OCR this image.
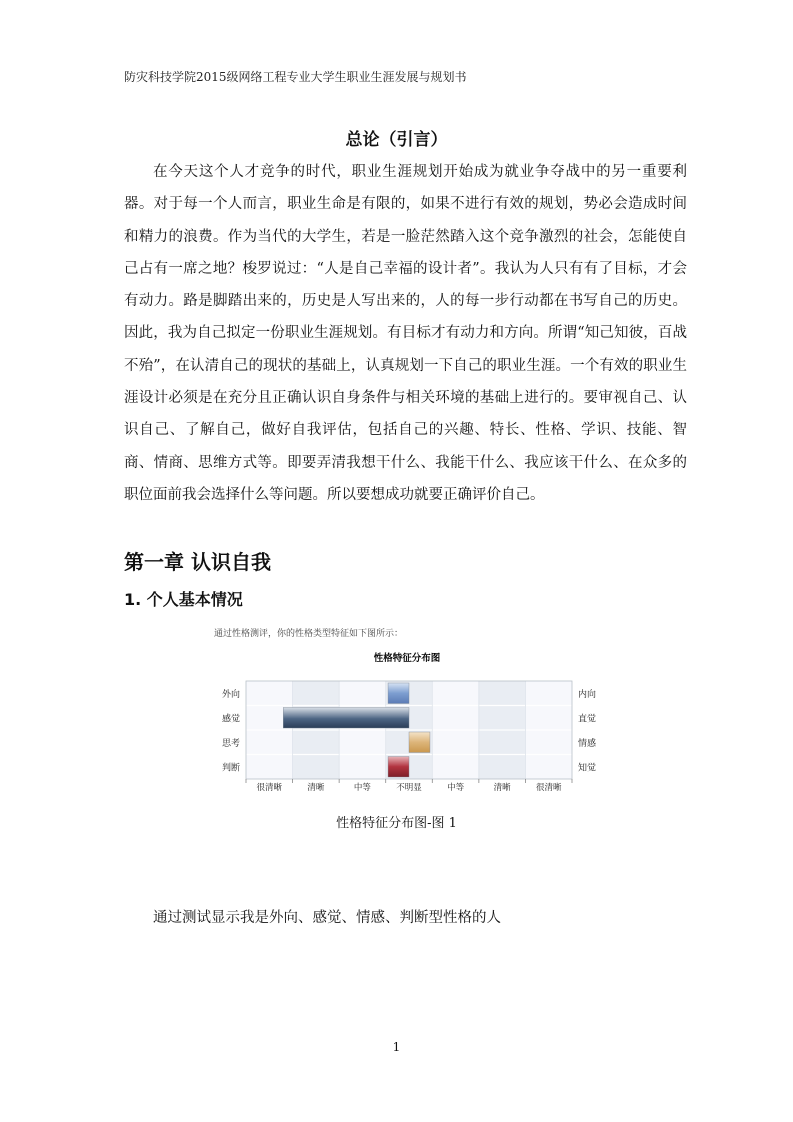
防灾科技学院2015级网络工程专业大学生职业生涯发展与规划书
总论（引言）

在今天这个人才竞争的时代，职业生涯规划开始成为就业争夺战中的另一重要利器。对于每一个人而言，职业生命是有限的，如果不进行有效的规划，势必会造成时间和精力的浪费。作为当代的大学生，若是一脸茫然踏入这个竞争激烈的社会，怎能使自己占有一席之地？梭罗说过：“人是自己幸福的设计者”。我认为人只有有了目标，才会有动力。路是脚踏出来的，历史是人写出来的，人的每一步行动都在书写自己的历史。因此，我为自己拟定一份职业生涯规划。有目标才有动力和方向。所谓“知己知彼，百战不殆”，在认清自己的现状的基础上，认真规划一下自己的职业生涯。一个有效的职业生涯设计必须是在充分且正确认识自身条件与相关环境的基础上进行的。要审视自己、认识自己、了解自己，做好自我评估，包括自己的兴趣、特长、性格、学识、技能、智商、情商、思维方式等。即要弄清我想干什么、我能干什么、我应该干什么、在众多的职位面前我会选择什么等问题。所以要想成功就要正确评价自己。

第一章 认识自我
1. 个人基本情况
通过性格测评，你的性格类型特征如下图所示：
性格特征分布图
外向
感觉
思考
判断
内向
直觉
情感
知觉
很清晰	清晰	中等	不明显	中等	清晰	很清晰
性格特征分布图-图 1
通过测试显示我是外向、感觉、情感、判断型性格的人
1
